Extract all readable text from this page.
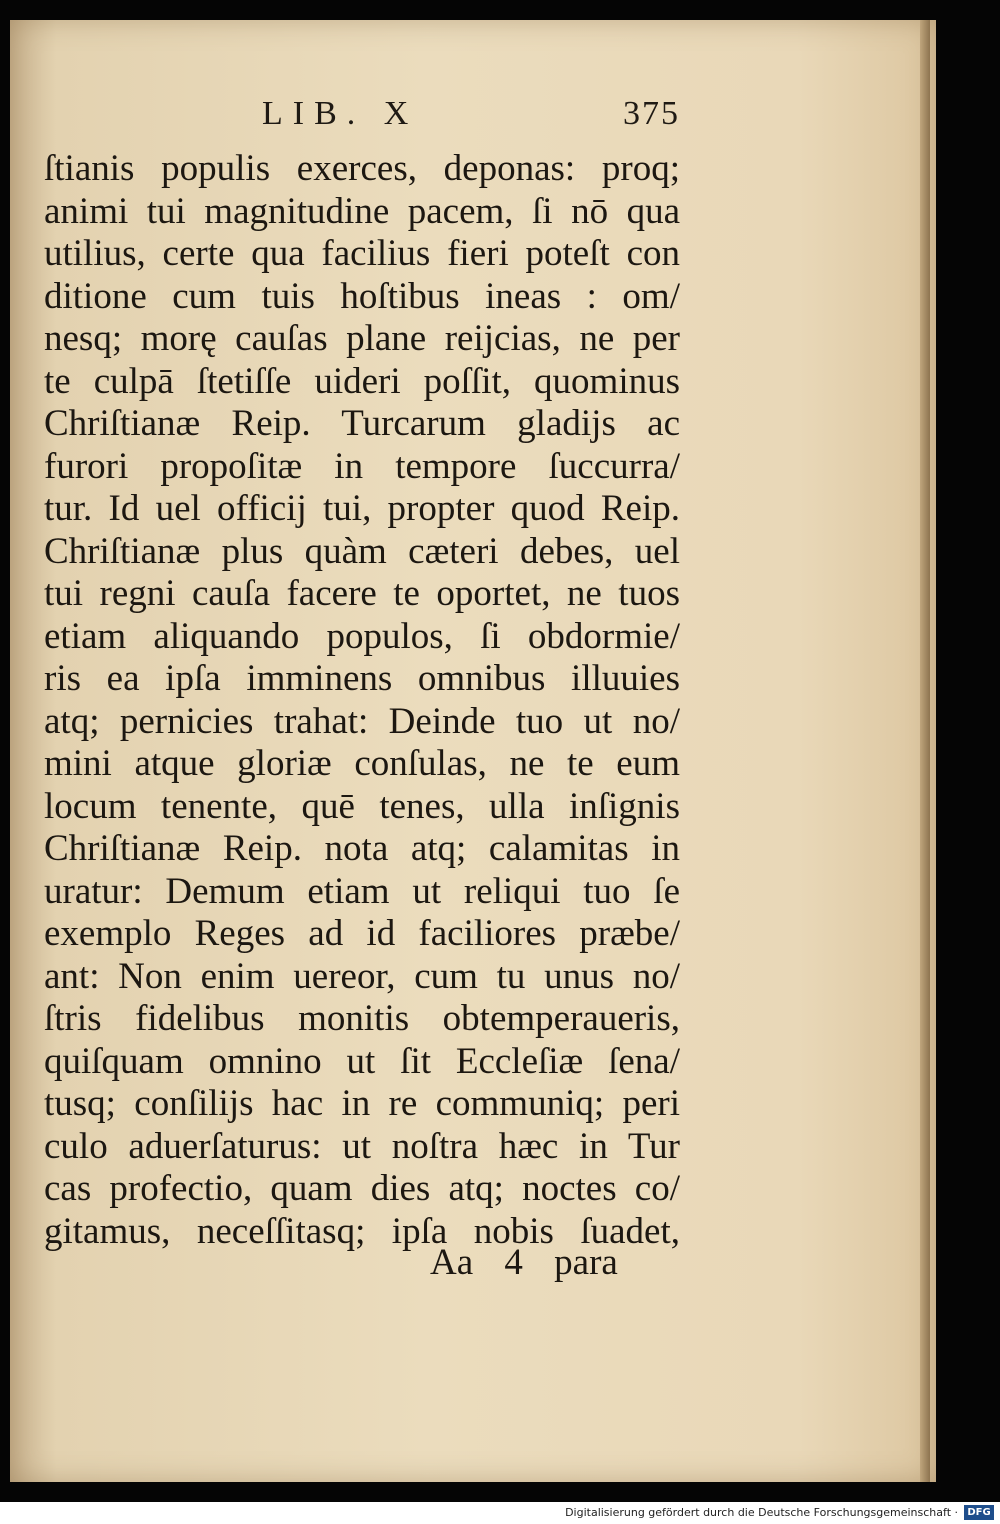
LIB. X	375
ſtianis populis exerces, deponas: proq;
animi tui magnitudine pacem, ſi nō qua
utilius, certe qua facilius fieri poteſt con
ditione cum tuis hoſtibus ineas : om/
nesq; morę cauſas plane reijcias, ne per
te culpā ſtetiſſe uideri poſſit, quominus
Chriſtianæ Reip. Turcarum gladijs ac
furori propoſitæ in tempore ſuccurra/
tur. Id uel officij tui, propter quod Reip.
Chriſtianæ plus quàm cæteri debes, uel
tui regni cauſa facere te oportet, ne tuos
etiam aliquando populos, ſi obdormie/
ris ea ipſa imminens omnibus illuuies
atq; pernicies trahat: Deinde tuo ut no/
mini atque gloriæ conſulas, ne te eum
locum tenente, quē tenes, ulla inſignis
Chriſtianæ Reip. nota atq; calamitas in
uratur: Demum etiam ut reliqui tuo ſe
exemplo Reges ad id faciliores præbe/
ant: Non enim uereor, cum tu unus no/
ſtris fidelibus monitis obtemperaueris,
quiſquam omnino ut ſit Eccleſiæ ſena/
tusq; conſilijs hac in re communiq; peri
culo aduerſaturus: ut noſtra hæc in Tur
cas profectio, quam dies atq; noctes co/
gitamus, neceſſitasq; ipſa nobis ſuadet,
Aa 4 para
Digitalisierung gefördert durch die Deutsche Forschungsgemeinschaft · DFG
